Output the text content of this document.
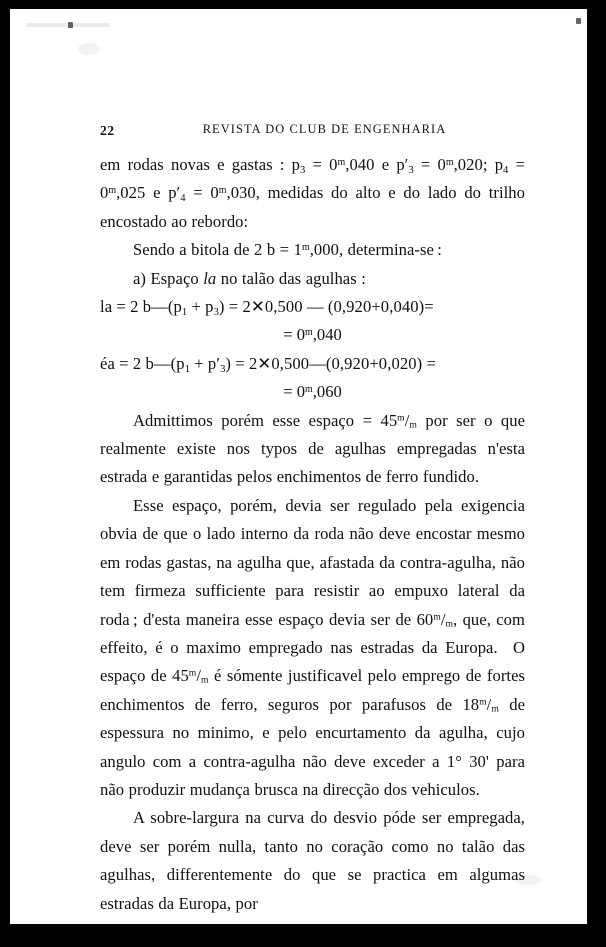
22	REVISTA DO CLUB DE ENGENHARIA

em rodas novas e gastas : $p_3 = 0^m,040$ e $p'_3 = 0^m,020$; $p_4 = 0^m,025$ e $p'_4 = 0^m,030$, medidas do alto e do lado do trilho encostado ao rebordo:

Sendo a bitola de 2 $b = 1^m,000$, determina-se :

a) Espaço la no talão das agulhas :

la = 2 $b—(p_1 + p_3)$ = 2✕0,500 — (0,920+0,040)=
= $0^m,040$
éa = 2 $b—(p_1 + p'_3)$ = 2✕0,500—(0,920+0,020) =
= $0^m,060$

Admittimos porém esse espaço = $45^m/_m$ por ser o que realmente existe nos typos de agulhas empregadas n'esta estrada e garantidas pelos enchimentos de ferro fundido.

Esse espaço, porém, devia ser regulado pela exigencia obvia de que o lado interno da roda não deve encostar mesmo em rodas gastas, na agulha que, afastada da contra-agulha, não tem firmeza sufficiente para resistir ao empuxo lateral da roda ; d'esta maneira esse espaço devia ser de $60^m/_m$, que, com effeito, é o maximo empregado nas estradas da Europa.  O espaço de $45^m/_m$ é sómente justificavel pelo emprego de fortes enchimentos de ferro, seguros por parafusos de $18^m/_m$ de espessura no minimo, e pelo encurtamento da agulha, cujo angulo com a contra-agulha não deve exceder a 1° 30' para não produzir mudança brusca na direcção dos vehiculos.

A sobre-largura na curva do desvio póde ser empregada, deve ser porém nulla, tanto no coração como no talão das agulhas, differentemente do que se practica em algumas estradas da Europa, por
